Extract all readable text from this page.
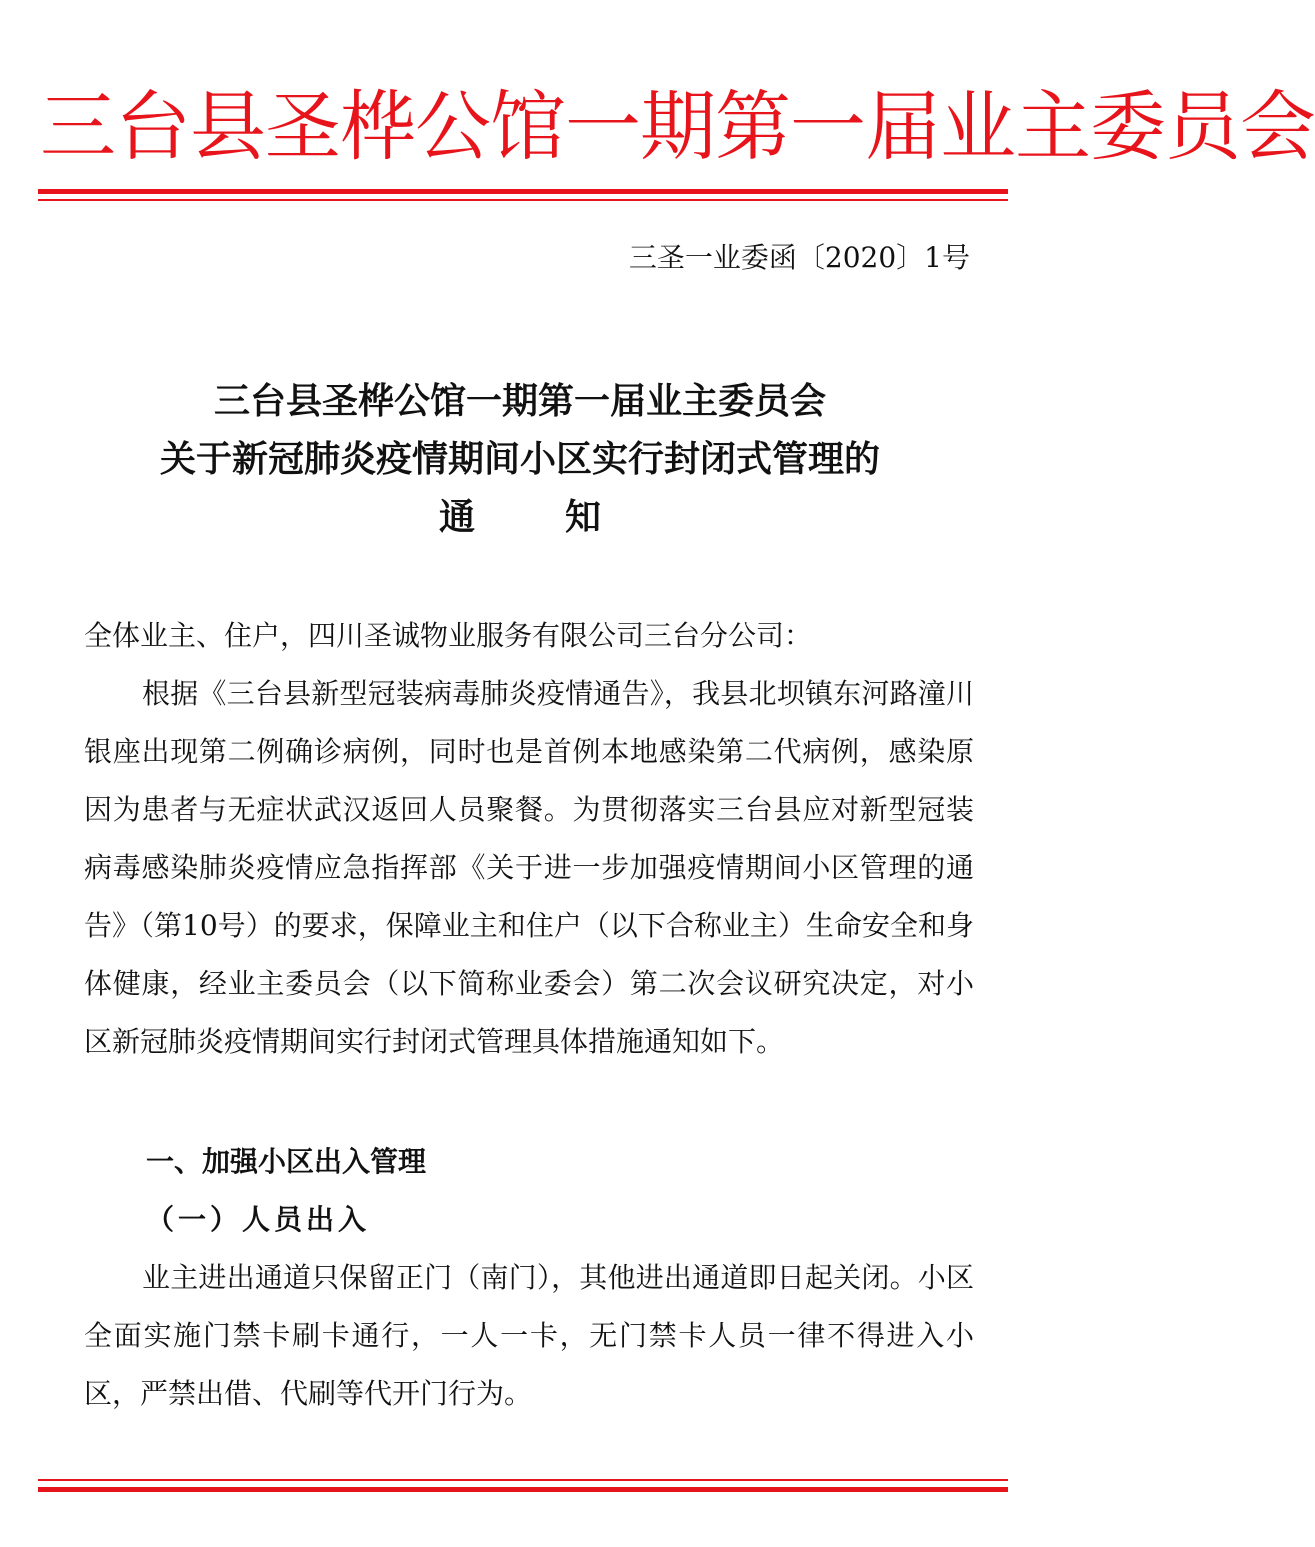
三台县圣桦公馆一期第一届业主委员会
三圣一业委函〔2020〕1号
三台县圣桦公馆一期第一届业主委员会
关于新冠肺炎疫情期间小区实行封闭式管理的
通知
全体业主、住户，四川圣诚物业服务有限公司三台分公司：
根据《三台县新型冠装病毒肺炎疫情通告》，我县北坝镇东河路潼川银座出现第二例确诊病例，同时也是首例本地感染第二代病例，感染原因为患者与无症状武汉返回人员聚餐。为贯彻落实三台县应对新型冠装病毒感染肺炎疫情应急指挥部《关于进一步加强疫情期间小区管理的通告》（第10号）的要求，保障业主和住户（以下合称业主）生命安全和身体健康，经业主委员会（以下简称业委会）第二次会议研究决定，对小区新冠肺炎疫情期间实行封闭式管理具体措施通知如下。
一、加强小区出入管理
（一）人员出入
业主进出通道只保留正门（南门），其他进出通道即日起关闭。小区全面实施门禁卡刷卡通行，一人一卡，无门禁卡人员一律不得进入小区，严禁出借、代刷等代开门行为。
